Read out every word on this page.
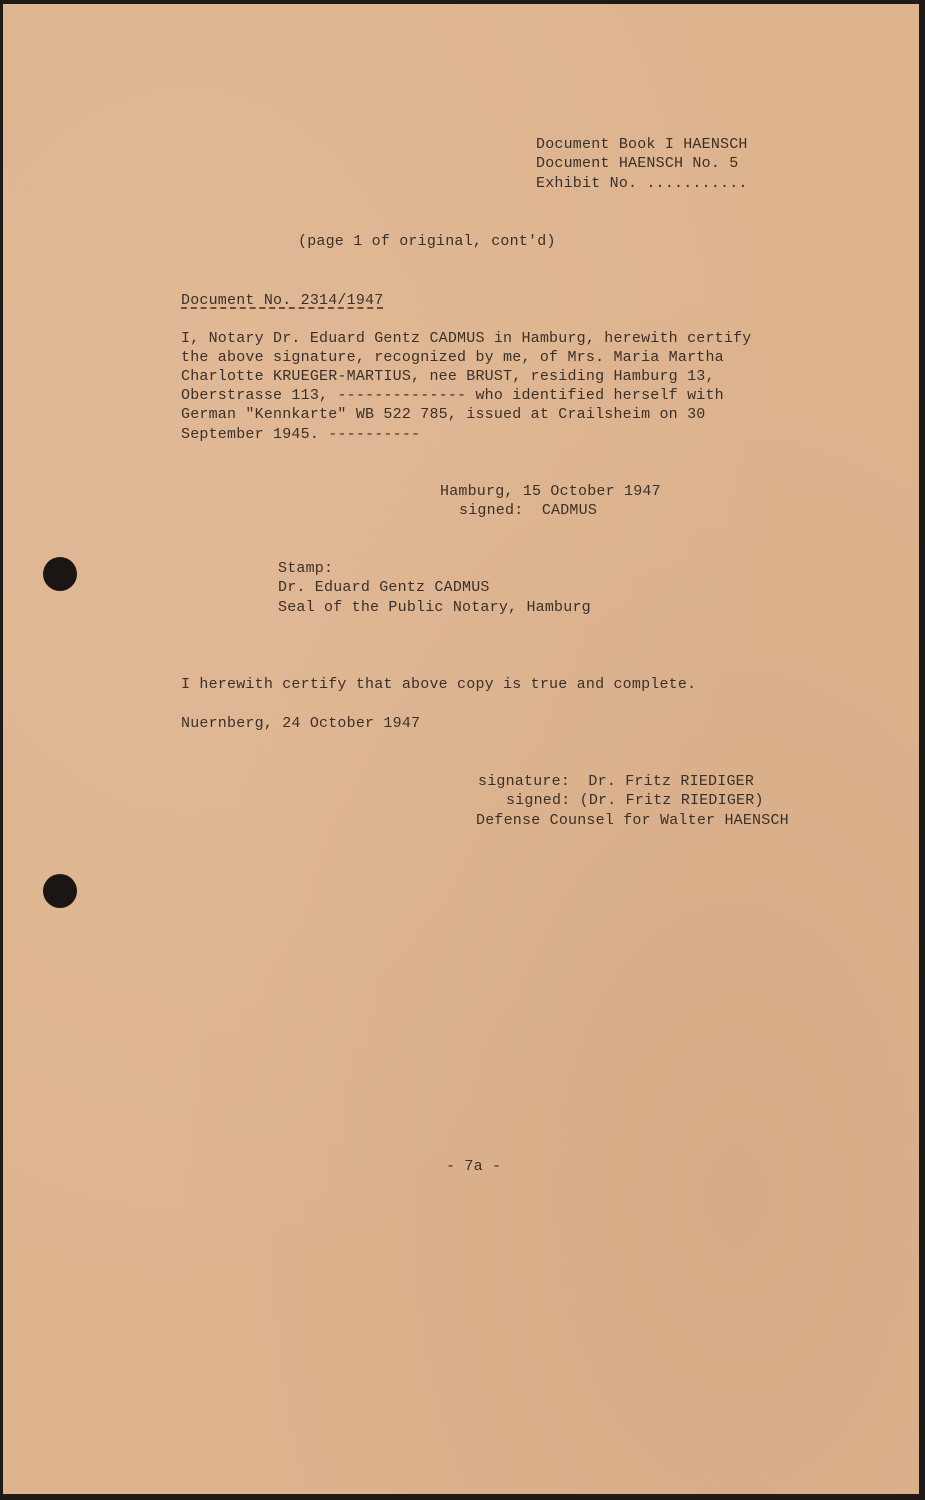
Document Book I HAENSCH
Document HAENSCH No. 5
Exhibit No. ...........
(page 1 of original, cont'd)
Document No. 2314/1947
I, Notary Dr. Eduard Gentz CADMUS in Hamburg, herewith certify
the above signature, recognized by me, of Mrs. Maria Martha
Charlotte KRUEGER-MARTIUS, nee BRUST, residing Hamburg 13,
Oberstrasse 113, -------------- who identified herself with
German "Kennkarte" WB 522 785, issued at Crailsheim on 30
September 1945. ----------
Hamburg, 15 October 1947
signed:  CADMUS
Stamp:
Dr. Eduard Gentz CADMUS
Seal of the Public Notary, Hamburg
I herewith certify that above copy is true and complete.
Nuernberg, 24 October 1947
signature:  Dr. Fritz RIEDIGER
signed: (Dr. Fritz RIEDIGER)
Defense Counsel for Walter HAENSCH
- 7a -
